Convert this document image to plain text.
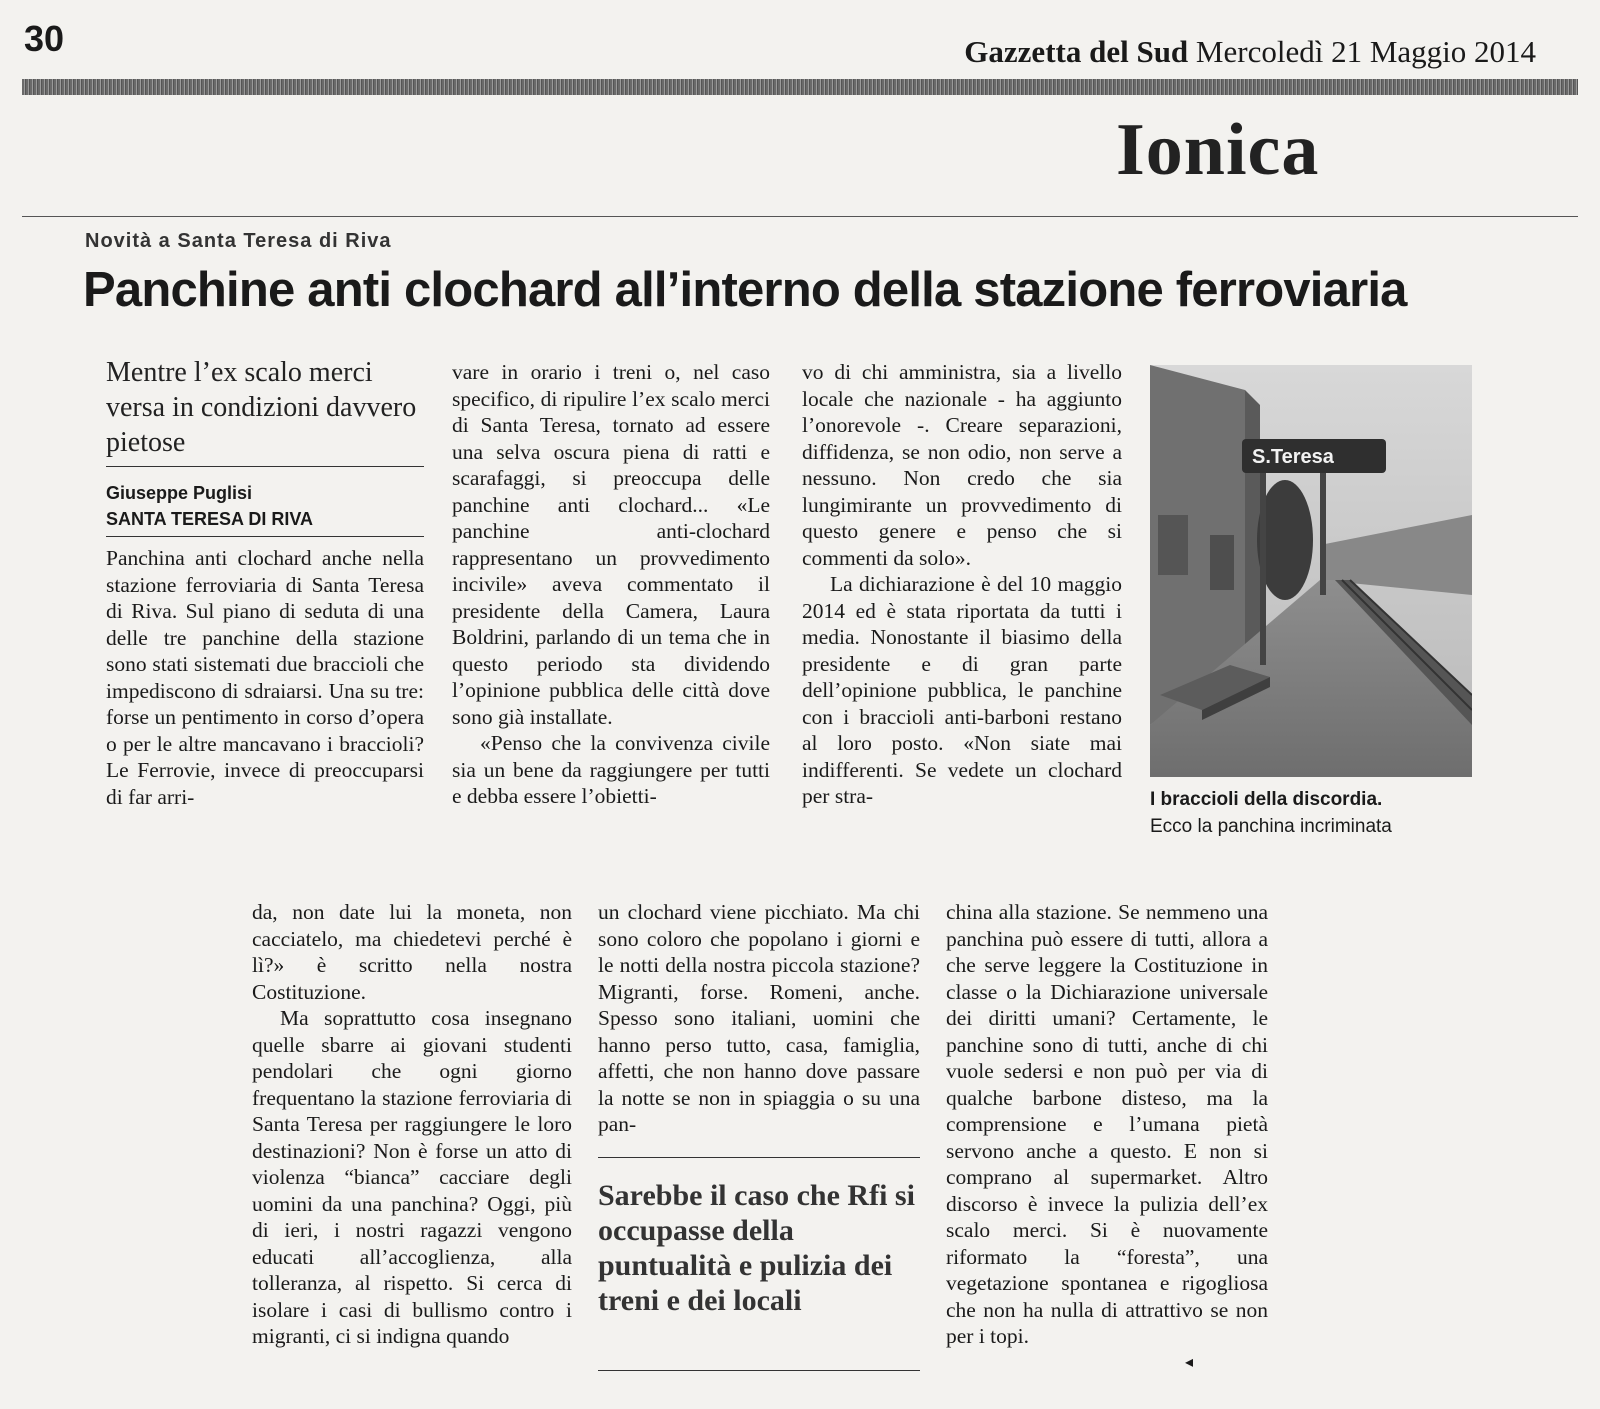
30	Gazzetta del Sud Mercoledì 21 Maggio 2014
Ionica
Novità a Santa Teresa di Riva
Panchine anti clochard all’interno della stazione ferroviaria
Mentre l’ex scalo merci versa in condizioni davvero pietose
Giuseppe Puglisi
SANTA TERESA DI RIVA

Panchina anti clochard anche nella stazione ferroviaria di Santa Teresa di Riva. Sul piano di seduta di una delle tre panchine della stazione sono stati sistemati due braccioli che impediscono di sdraiarsi. Una su tre: forse un pentimento in corso d’opera o per le altre mancavano i braccioli? Le Ferrovie, invece di preoccuparsi di far arri-

vare in orario i treni o, nel caso specifico, di ripulire l’ex scalo merci di Santa Teresa, tornato ad essere una selva oscura piena di ratti e scarafaggi, si preoccupa delle panchine anti clochard... «Le panchine anti-clochard rappresentano un provvedimento incivile» aveva commentato il presidente della Camera, Laura Boldrini, parlando di un tema che in questo periodo sta dividendo l’opinione pubblica delle città dove sono già installate.

«Penso che la convivenza civile sia un bene da raggiungere per tutti e debba essere l’obietti-

vo di chi amministra, sia a livello locale che nazionale - ha aggiunto l’onorevole -. Creare separazioni, diffidenza, se non odio, non serve a nessuno. Non credo che sia lungimirante un provvedimento di questo genere e penso che si commenti da solo».

La dichiarazione è del 10 maggio 2014 ed è stata riportata da tutti i media. Nonostante il biasimo della presidente e di gran parte dell’opinione pubblica, le panchine con i braccioli anti-barboni restano al loro posto. «Non siate mai indifferenti. Se vedete un clochard per stra-

S.Teresa
I braccioli della discordia.
Ecco la panchina incriminata

da, non date lui la moneta, non cacciatelo, ma chiedetevi perché è lì?» è scritto nella nostra Costituzione.

Ma soprattutto cosa insegnano quelle sbarre ai giovani studenti pendolari che ogni giorno frequentano la stazione ferroviaria di Santa Teresa per raggiungere le loro destinazioni? Non è forse un atto di violenza “bianca” cacciare degli uomini da una panchina? Oggi, più di ieri, i nostri ragazzi vengono educati all’accoglienza, alla tolleranza, al rispetto. Si cerca di isolare i casi di bullismo contro i migranti, ci si indigna quando

un clochard viene picchiato. Ma chi sono coloro che popolano i giorni e le notti della nostra piccola stazione? Migranti, forse. Romeni, anche. Spesso sono italiani, uomini che hanno perso tutto, casa, famiglia, affetti, che non hanno dove passare la notte se non in spiaggia o su una pan-

Sarebbe il caso che Rfi si occupasse della puntualità e pulizia dei treni e dei locali

china alla stazione. Se nemmeno una panchina può essere di tutti, allora a che serve leggere la Costituzione in classe o la Dichiarazione universale dei diritti umani? Certamente, le panchine sono di tutti, anche di chi vuole sedersi e non può per via di qualche barbone disteso, ma la comprensione e l’umana pietà servono anche a questo. E non si comprano al supermarket. Altro discorso è invece la pulizia dell’ex scalo merci. Si è nuovamente riformato la “foresta”, una vegetazione spontanea e rigogliosa che non ha nulla di attrattivo se non per i topi.

◂
